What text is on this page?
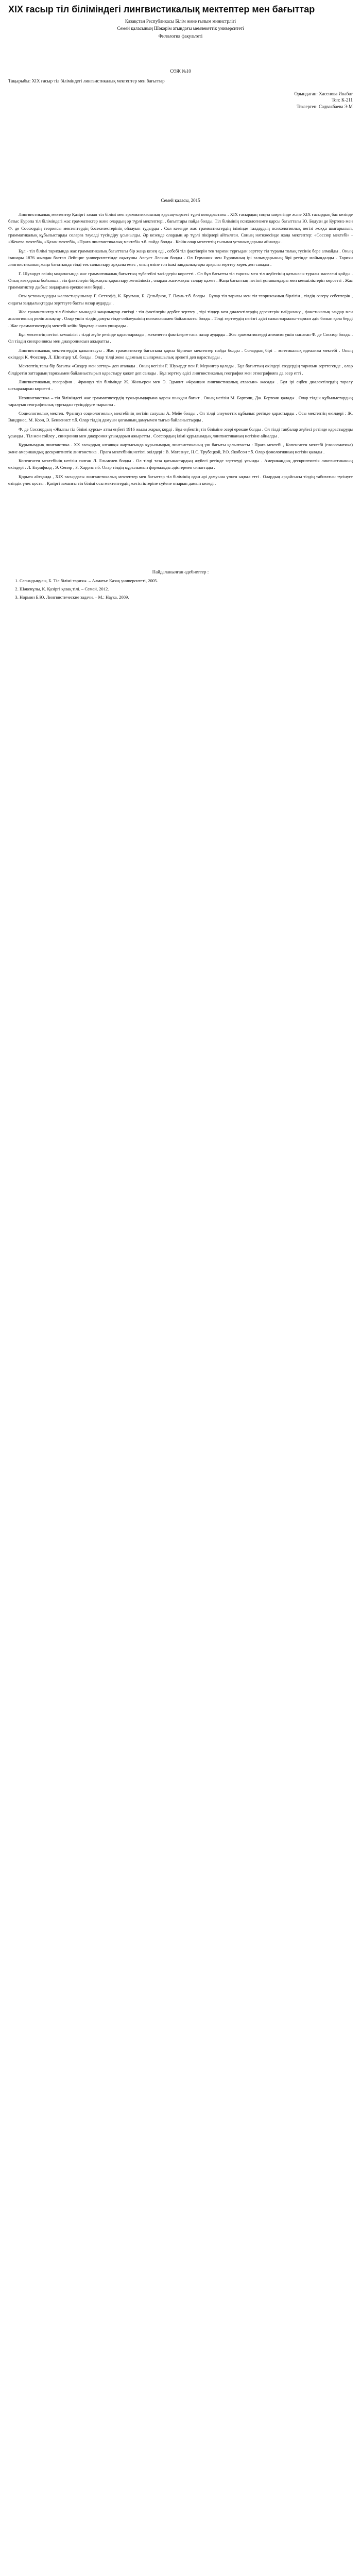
XIX ғасыр тіл біліміндегі лингвистикалық мектептер мен бағыттар
Қазақстан Республикасы Білім және ғылым министрлігі
Семей қаласының Шәкәрім атындағы мемлекеттік университеті
Филология факультеті
СӨЖ №10
Тақырыбы: XIX ғасыр тіл біліміндегі лингвистикалық мектептер мен бағыттар
Орындаған: Хасенова Инабат
Топ: К-211
Тексерген: Садвакбаева Э.М
Семей қаласы, 2015

Лингвистикалық мектептер Қазіргі заман тіл білімі мен грамматикасының қарсаң-корсеті түрлі көзқарастағы . XIX ғасырдың соңғы ширегінде және XIX ғасырдың бас кезінде батыс Еуропа тіл біліміндегі жас грамматиктер және олардың әр түрлі мектептері , бағыттары пайда болды. Тіл білімінің психологизмге қарсы бағыттағы Ю. Бодуэн де Куртенэ мен Ф. де Соссюрдің теориясы мектептердің бәсекелестерінің ойлауын тудырды . Сол кезеңде жас грамматиктердің ілімінде талдаудың психологиялық негізі жоққа шығарылып, грамматикалық құбылыстарды соларға тәуелді түсіндіру ұсынылды. Әр кезеңде олардың әр түрлі пікірлері айтылған. Соның нәтижесінде жаңа мектептер: «Соссюр мектебі» - «Женева мектебі», «Қазан мектебі», «Прага лингвистикалық мектебі» т.б. пайда болды . Кейін олар мектептің ғылыми ұстанымдарына айналды .

Бұл - тіл білімі тарихында жас грамматикалық бағыттағы бір жаңа кезең еді , себебі тіл фактілерін тек тарихи тұрғыдан зерттеу тіл туралы толық түсінік бере алмайды . Оның ізашары 1876 жылдан бастап Лейпциг университетінде оқытушы Август Лескин болды . Ол Германия мен Еуропаның ірі ғалымдарының бірі ретінде мойындалды . Тарихи лингвистиканың жаңа бағытында тілді тек салыстыру арқылы емес , оның өзіне тән ішкі заңдылықтары арқылы зерттеу керек деп санады .

Г. Шухардт өзінің мақаласында жас грамматикалық бағыттың түбегейлі тәсілдерін көрсетті . Ол бұл бағытты тіл тарихы мен тіл жүйесінің қатынасы туралы мәселені қойды . Оның көзқарасы бойынша , тіл фактілерін біржақты қарастыру жеткіліксіз , оларды жан-жақты талдау қажет . Жаңа бағыттың негізгі ұстанымдары мен кемшіліктерін көрсетті . Жас грамматиктер дыбыс заңдарына ерекше мән берді .

Осы ұстанымдарды жалғастырушылар Г. Остхофф, К. Бругман, Б. Дельбрюк, Г. Пауль т.б. болды . Бұлар тіл тарихы мен тіл теориясының бірлігін , тілдің өзгеру себептерін , ондағы заңдылықтарды зерттеуге басты назар аударды .

Жас грамматиктер тіл біліміне мынадай жаңалықтар енгізді : тіл фактілерін дербес зерттеу , тірі тілдер мен диалектілердің деректерін пайдалану , фонетикалық заңдар мен аналогияның рөлін анықтау . Олар үшін тілдің дамуы тілде сөйлеушінің психикасымен байланысты болды . Тілді зерттеудің негізгі әдісі салыстырмалы-тарихи әдіс болып қала берді . Жас грамматиктердің мектебі кейін бірқатар сынға ұшырады .

Бұл мектептің негізгі кемшілігі : тілді жүйе ретінде қарастырмады , жекелеген фактілерге ғана назар аударды . Жас грамматиктерді атомизм үшін сынаған Ф. де Соссюр болды . Ол тілдің синхрониясы мен диахрониясын ажыратты .

Лингвистикалық мектептердің қалыптасуы . Жас грамматиктер бағытына қарсы бірнеше мектептер пайда болды . Солардың бірі – эстетикалық идеализм мектебі . Оның өкілдері К. Фосслер, Л. Шпитцер т.б. болды . Олар тілді жеке адамның шығармашылық әрекеті деп қарастырды .

Мектептің тағы бір бағыты «Сөздер мен заттар» деп аталады . Оның негізін Г. Шухардт пен Р. Мерингер қалады . Бұл бағыттың өкілдері сөздердің тарихын зерттегенде , олар білдіретін заттардың тарихымен байланыстырып қарастыру қажет деп санады . Бұл зерттеу әдісі лингвистикалық география мен этнографияға да әсер етті .

Лингвистикалық география . Француз тіл білімінде Ж. Жильерон мен Э. Эдмонт «Франция лингвистикалық атласын» жасады . Бұл ірі еңбек диалектілердің таралу шекараларын көрсетті .

Неолингвистика – тіл біліміндегі жас грамматиктердің тұжырымдарына қарсы шыққан бағыт . Оның негізін М. Бартоли, Дж. Бертони қалады . Олар тілдік құбылыстардың таралуын географиялық тұрғыдан түсіндіруге тырысты .

Социологиялық мектеп. Француз социологиялық мектебінің негізін салушы А. Мейе болды . Ол тілді әлеуметтік құбылыс ретінде қарастырды . Осы мектептің өкілдері : Ж. Вандриес, М. Коэн, Э. Бенвенист т.б. Олар тілдің дамуын қоғамның дамуымен тығыз байланыстырды .

Ф. де Соссюрдың «Жалпы тіл білімі курсы» атты еңбегі 1916 жылы жарық көрді . Бұл еңбектің тіл біліміне әсері ерекше болды . Ол тілді таңбалар жүйесі ретінде қарастыруды ұсынды . Тіл мен сөйлеу , синхрония мен диахрония ұғымдарын ажыратты . Соссюрдың ілімі құрылымдық лингвистиканың негізіне айналды .

Құрылымдық лингвистика . XX ғасырдың алғашқы жартысында құрылымдық лингвистиканың үш бағыты қалыптасты : Прага мектебі , Копенгаген мектебі (глоссематика) және американдық дескриптивтік лингвистика . Прага мектебінің негізгі өкілдері : В. Матезиус, Н.С. Трубецкой, Р.О. Якобсон т.б. Олар фонологияның негізін қалады .

Копенгаген мектебінің негізін салған Л. Ельмслев болды . Ол тілді таза қатынастардың жүйесі ретінде зерттеуді ұсынды . Американдық дескриптивтік лингвистиканың өкілдері : Л. Блумфилд , Э. Сепир , З. Харрис т.б. Олар тілдің құрылымын формальды әдістермен сипаттады .

Қорыта айтқанда , XIX ғасырдағы лингвистикалық мектептер мен бағыттар тіл білімінің одан әрі дамуына үлкен ықпал етті . Олардың әрқайсысы тілдің табиғатын түсінуге өзіндік үлес қосты . Қазіргі заманғы тіл білімі осы мектептердің жетістіктеріне сүйене отырып дамып келеді .

Пайдаланылған әдебиеттер :
1. Сағындықұлы, Б. Тіл білімі тарихы. – Алматы: Қазақ университеті, 2005.
2. Шәкенұлы, К. Қазіргі қазақ тілі. – Семей, 2012.
3. Нормин Б.Ю. Лингвистические задачи. – М.: Наука, 2009.
